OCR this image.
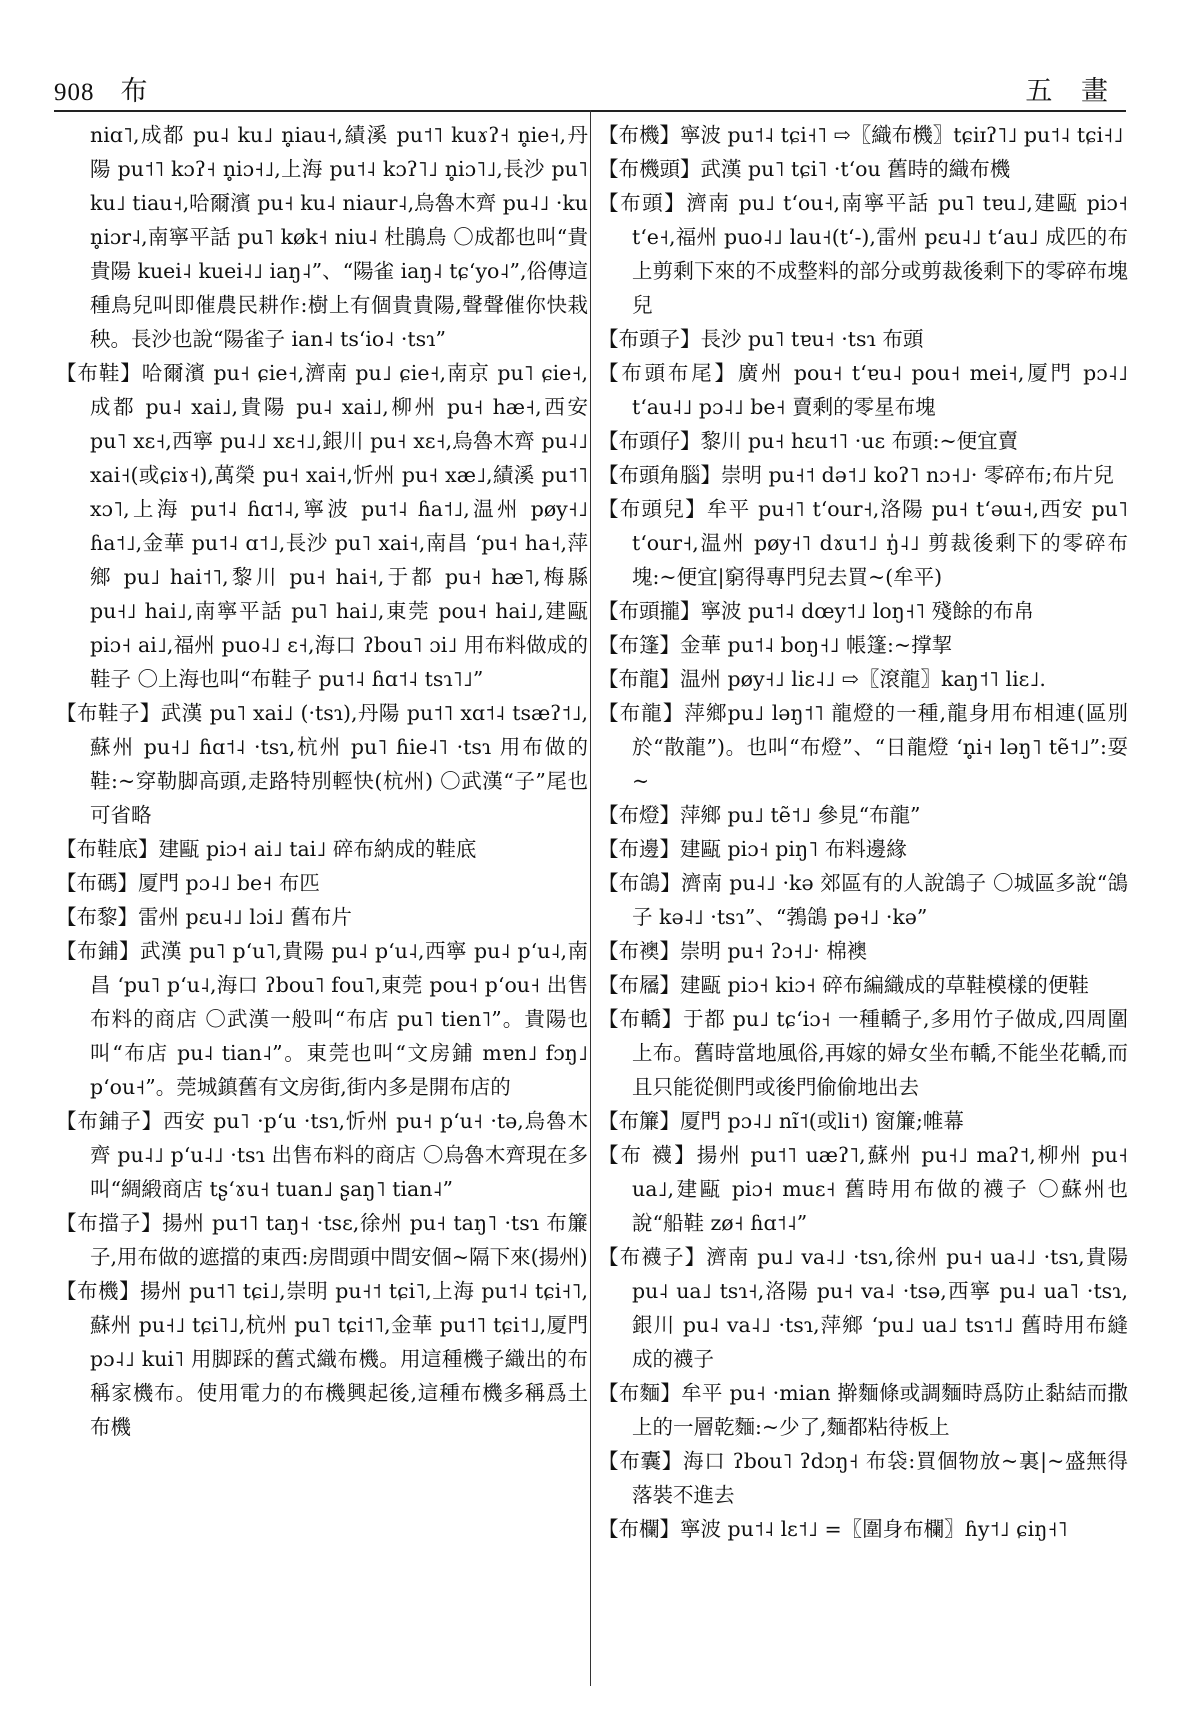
908 布	五 畫

niɑ˥,成都 pu˨ ku˩ n̥iau˧,績溪 pu˦˥ kuɤʔ˧ n̥ie˧,丹陽 pu˦˥ kɔʔ˧ n̥iɔ˧˩,上海 pu˦˨ kɔʔ˥˩ n̥iɔ˥˩,長沙 pu˥ ku˩ tiau˧,哈爾濱 pu˧ ku˨ niaur˨,烏魯木齊 pu˨˩ ·ku n̥iɔr˨,南寧平話 pu˥ køk˧ niu˨ 杜鵑鳥 〇成都也叫“貴貴陽 kuei˨ kuei˨˩ iaŋ˨”、“陽雀 iaŋ˨ tɕʻyo˨”,俗傳這種鳥兒叫即催農民耕作:樹上有個貴貴陽,聲聲催你快栽秧。長沙也說“陽雀子 ian˨ tsʻio˨ ·tsɿ”

【布鞋】哈爾濱 pu˧ ɕie˧,濟南 pu˩ ɕie˧,南京 pu˥ ɕie˧,成都 pu˨ xai˩,貴陽 pu˨ xai˩,柳州 pu˧ hæ˧,西安 pu˥ xɛ˧,西寧 pu˨˩ xɛ˧˩,銀川 pu˧ xɛ˧,烏魯木齊 pu˨˩ xai˧(或ɕiɤ˧),萬榮 pu˧ xai˧,忻州 pu˧ xæ˩,績溪 pu˦˥ xɔ˥,上海 pu˦˨ ɦɑ˦˨,寧波 pu˦˨ ɦa˦˩,温州 pøy˧˩ ɦa˦˩,金華 pu˦˨ ɑ˦˩,長沙 pu˥ xai˧,南昌 ʻpu˧ ha˧,萍鄉 pu˩ hai˦˥,黎川 pu˧ hai˧,于都 pu˧ hæ˥,梅縣 pu˧˩ hai˩,南寧平話 pu˥ hai˩,東莞 pou˧ hai˩,建甌 piɔ˧ ai˩,福州 puo˨˩ ɛ˧,海口 ʔbou˥ ɔi˩ 用布料做成的鞋子 〇上海也叫“布鞋子 pu˦˨ ɦɑ˦˨ tsɿ˥˩”

【布鞋子】武漢 pu˥ xai˩ (·tsɿ),丹陽 pu˦˥ xɑ˦˨ tsæʔ˦˩,蘇州 pu˧˩ ɦɑ˦˨ ·tsɿ,杭州 pu˥ ɦie˨˥ ·tsɿ 用布做的鞋:~穿勒脚高頭,走路特別輕快(杭州) 〇武漢“子”尾也可省略

【布鞋底】建甌 piɔ˧ ai˩ tai˩ 碎布納成的鞋底

【布碼】厦門 pɔ˨˩ be˧ 布匹

【布黎】雷州 pɛu˨˩ lɔi˩ 舊布片

【布鋪】武漢 pu˥ pʻu˥,貴陽 pu˨ pʻu˨,西寧 pu˨ pʻu˨,南昌 ʻpu˥ pʻu˨,海口 ʔbou˥ fou˥,東莞 pou˧ pʻou˧ 出售布料的商店 〇武漢一般叫“布店 pu˥ tien˥”。貴陽也叫“布店 pu˨ tian˨”。東莞也叫“文房鋪 mɐn˩ fɔŋ˩ pʻou˧”。莞城鎮舊有文房街,街内多是開布店的

【布鋪子】西安 pu˥ ·pʻu ·tsɿ,忻州 pu˧ pʻu˧ ·tə,烏魯木齊 pu˨˩ pʻu˨˩ ·tsɿ 出售布料的商店 〇烏魯木齊現在多叫“綢緞商店 tʂʻɤu˧ tuan˩ ʂaŋ˥ tian˨”

【布擋子】揚州 pu˦˥ taŋ˧ ·tsɛ,徐州 pu˧ taŋ˥ ·tsɿ 布簾子,用布做的遮擋的東西:房間頭中間安個~隔下來(揚州)

【布機】揚州 pu˦˥ tɕi˩,崇明 pu˧˦ tɕi˥,上海 pu˦˨ tɕi˧˥,蘇州 pu˧˩ tɕi˥˩,杭州 pu˥ tɕi˦˥,金華 pu˦˥ tɕi˦˩,厦門 pɔ˨˩ kui˥ 用脚踩的舊式織布機。用這種機子織出的布稱家機布。使用電力的布機興起後,這種布機多稱爲土布機

【布機】寧波 pu˦˨ tɕi˧˥ ⇨〖織布機〗tɕiɪʔ˥˩ pu˦˨ tɕi˧˩

【布機頭】武漢 pu˥ tɕi˥ ·tʻou 舊時的織布機

【布頭】濟南 pu˩ tʻou˧,南寧平話 pu˥ tɐu˩,建甌 piɔ˧ tʻe˧,福州 puo˨˩ lau˧(t‘-),雷州 pɛu˨˩ tʻau˩ 成匹的布上剪剩下來的不成整料的部分或剪裁後剩下的零碎布塊兒

【布頭子】長沙 pu˥ tɐu˧ ·tsɿ 布頭

【布頭布尾】廣州 pou˧ tʻɐu˨ pou˧ mei˧,厦門 pɔ˨˩ tʻau˨˩ pɔ˨˩ be˧ 賣剩的零星布塊

【布頭仔】黎川 pu˧ hɛu˦˥ ·uɛ 布頭:~便宜賣

【布頭角腦】崇明 pu˧˦ də˦˩ koʔ˥ nɔ˧˩· 零碎布;布片兒

【布頭兒】牟平 pu˧˥ tʻour˧,洛陽 pu˧ tʻəɯ˧,西安 pu˥ tʻour˧,温州 pøy˧˥ dɤu˦˩ ŋ̍˨˩ 剪裁後剩下的零碎布塊:~便宜|窮得專門兒去買~(牟平)

【布頭攏】寧波 pu˦˨ dœy˦˩ loŋ˧˥ 殘餘的布帛

【布篷】金華 pu˦˨ boŋ˧˩ 帳篷:~撑挈

【布龍】温州 pøy˧˩ liɛ˨˩ ⇨〖滾龍〗kaŋ˦˥ liɛ˩.

【布龍】萍鄉pu˩ ləŋ˦˥ 龍燈的一種,龍身用布相連(區別於“散龍”)。也叫“布燈”、“日龍燈 ʻn̥i˧ ləŋ˥ tẽ˦˩”:耍~

【布燈】萍鄉 pu˩ tẽ˦˩ 參見“布龍”

【布邊】建甌 piɔ˧ piŋ˥ 布料邊緣

【布鴿】濟南 pu˨˩ ·kə 郊區有的人說鴿子 〇城區多說“鴿子 kə˨˩ ·tsɿ”、“鵓鴿 pə˧˩ ·kə”

【布襖】崇明 pu˧ ʔɔ˧˩· 棉襖

【布屩】建甌 piɔ˧ kiɔ˧ 碎布編織成的草鞋模樣的便鞋

【布轎】于都 pu˩ tɕʻiɔ˧ 一種轎子,多用竹子做成,四周圍上布。舊時當地風俗,再嫁的婦女坐布轎,不能坐花轎,而且只能從側門或後門偷偷地出去

【布簾】厦門 pɔ˨˩ nĩ˦(或li˦) 窗簾;帷幕

【布 襪】揚州 pu˦˥ uæʔ˥,蘇州 pu˧˩ maʔ˦,柳州 pu˧ ua˩,建甌 piɔ˧ muɛ˧ 舊時用布做的襪子 〇蘇州也說“船鞋 zø˧ ɦɑ˦˨”

【布襪子】濟南 pu˩ va˨˩ ·tsɿ,徐州 pu˧ ua˨˩ ·tsɿ,貴陽 pu˨ ua˩ tsɿ˧,洛陽 pu˧ va˨ ·tsə,西寧 pu˨ ua˥ ·tsɿ,銀川 pu˨ va˨˩ ·tsɿ,萍鄉 ʻpu˩ ua˩ tsɿ˦˩ 舊時用布縫成的襪子

【布麵】牟平 pu˧ ·mian 擀麵條或調麵時爲防止黏結而撒上的一層乾麵:~少了,麵都粘待板上

【布囊】海口 ʔbou˥ ʔdɔŋ˧ 布袋:買個物放~裏|~盛無得落裝不進去

【布欄】寧波 pu˦˨ lɛ˦˩ =〖圍身布欄〗ɦy˦˩ ɕiŋ˧˥
